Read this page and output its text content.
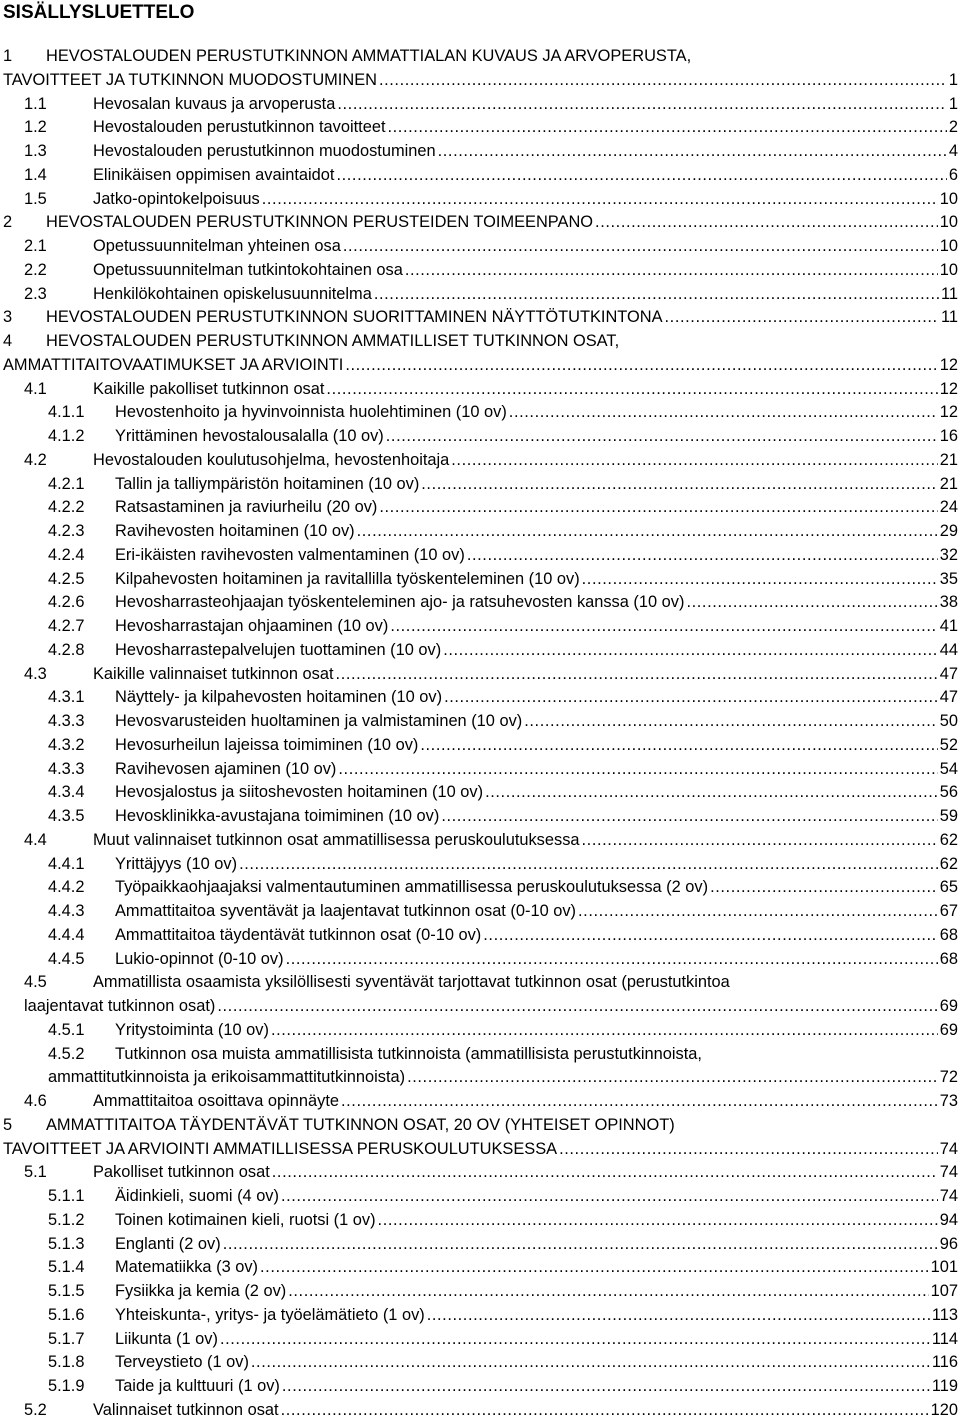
SISÄLLYSLUETTELO
1 HEVOSTALOUDEN PERUSTUTKINNON AMMATTIALAN KUVAUS JA ARVOPERUSTA,
TAVOITTEET JA TUTKINNON MUODOSTUMINEN .....	1
1.1	Hevosalan kuvaus ja arvoperusta .....	1
1.2	Hevostalouden perustutkinnon tavoitteet .....	2
1.3	Hevostalouden perustutkinnon muodostuminen .....	4
1.4	Elinikäisen oppimisen avaintaidot .....	6
1.5	Jatko-opintokelpoisuus .....	10
2 HEVOSTALOUDEN PERUSTUTKINNON PERUSTEIDEN TOIMEENPANO .....	10
2.1	Opetussuunnitelman yhteinen osa .....	10
2.2	Opetussuunnitelman tutkintokohtainen osa .....	10
2.3	Henkilökohtainen opiskelusuunnitelma .....	11
3 HEVOSTALOUDEN PERUSTUTKINNON SUORITTAMINEN NÄYTTÖTUTKINTONA .....	11
4 HEVOSTALOUDEN PERUSTUTKINNON AMMATILLISET TUTKINNON OSAT,
AMMATTITAITOVAATIMUKSET JA ARVIOINTI .....	12
4.1	Kaikille pakolliset tutkinnon osat .....	12
4.1.1 Hevostenhoito ja hyvinvoinnista huolehtiminen (10 ov) .....	12
4.1.2 Yrittäminen hevostalousalalla (10 ov) .....	16
4.2	Hevostalouden koulutusohjelma, hevostenhoitaja .....	21
4.2.1 Tallin ja talliympäristön hoitaminen (10 ov) .....	21
4.2.2 Ratsastaminen ja raviurheilu (20 ov) .....	24
4.2.3 Ravihevosten hoitaminen (10 ov) .....	29
4.2.4 Eri-ikäisten ravihevosten valmentaminen (10 ov) .....	32
4.2.5 Kilpahevosten hoitaminen ja ravitallilla työskenteleminen (10 ov) .....	35
4.2.6 Hevosharrasteohjaajan työskenteleminen ajo- ja ratsuhevosten kanssa (10 ov) .....	38
4.2.7 Hevosharrastajan ohjaaminen (10 ov) .....	41
4.2.8 Hevosharrastepalvelujen tuottaminen (10 ov) .....	44
4.3	Kaikille valinnaiset tutkinnon osat .....	47
4.3.1 Näyttely- ja kilpahevosten hoitaminen (10 ov) .....	47
4.3.3 Hevosvarusteiden huoltaminen ja valmistaminen (10 ov) .....	50
4.3.2 Hevosurheilun lajeissa toimiminen (10 ov) .....	52
4.3.3 Ravihevosen ajaminen (10 ov) .....	54
4.3.4 Hevosjalostus ja siitoshevosten hoitaminen (10 ov) .....	56
4.3.5 Hevosklinikka-avustajana toimiminen (10 ov) .....	59
4.4	Muut valinnaiset tutkinnon osat ammatillisessa peruskoulutuksessa .....	62
4.4.1 Yrittäjyys (10 ov) .....	62
4.4.2 Työpaikkaohjaajaksi valmentautuminen ammatillisessa peruskoulutuksessa (2 ov) .....	65
4.4.3 Ammattitaitoa syventävät ja laajentavat tutkinnon osat (0-10 ov) .....	67
4.4.4 Ammattitaitoa täydentävät tutkinnon osat (0-10 ov) .....	68
4.4.5 Lukio-opinnot (0-10 ov) .....	68
4.5	Ammatillista osaamista yksilöllisesti syventävät tarjottavat tutkinnon osat (perustutkintoa
laajentavat tutkinnon osat) .....	69
4.5.1 Yritystoiminta (10 ov) .....	69
4.5.2 Tutkinnon osa muista ammatillisista tutkinnoista (ammatillisista perustutkinnoista,
ammattitutkinnoista ja erikoisammattitutkinnoista) .....	72
4.6	Ammattitaitoa osoittava opinnäyte .....	73
5 AMMATTITAITOA TÄYDENTÄVÄT TUTKINNON OSAT, 20 OV (YHTEISET OPINNOT)
TAVOITTEET JA ARVIOINTI AMMATILLISESSA PERUSKOULUTUKSESSA .....	74
5.1	Pakolliset tutkinnon osat .....	74
5.1.1 Äidinkieli, suomi (4 ov) .....	74
5.1.2 Toinen kotimainen kieli, ruotsi (1 ov) .....	94
5.1.3 Englanti (2 ov) .....	96
5.1.4 Matematiikka (3 ov) .....	101
5.1.5 Fysiikka ja kemia (2 ov) .....	107
5.1.6 Yhteiskunta-, yritys- ja työelämätieto (1 ov) .....	113
5.1.7 Liikunta (1 ov) .....	114
5.1.8 Terveystieto (1 ov) .....	116
5.1.9 Taide ja kulttuuri (1 ov) .....	119
5.2	Valinnaiset tutkinnon osat .....	120
